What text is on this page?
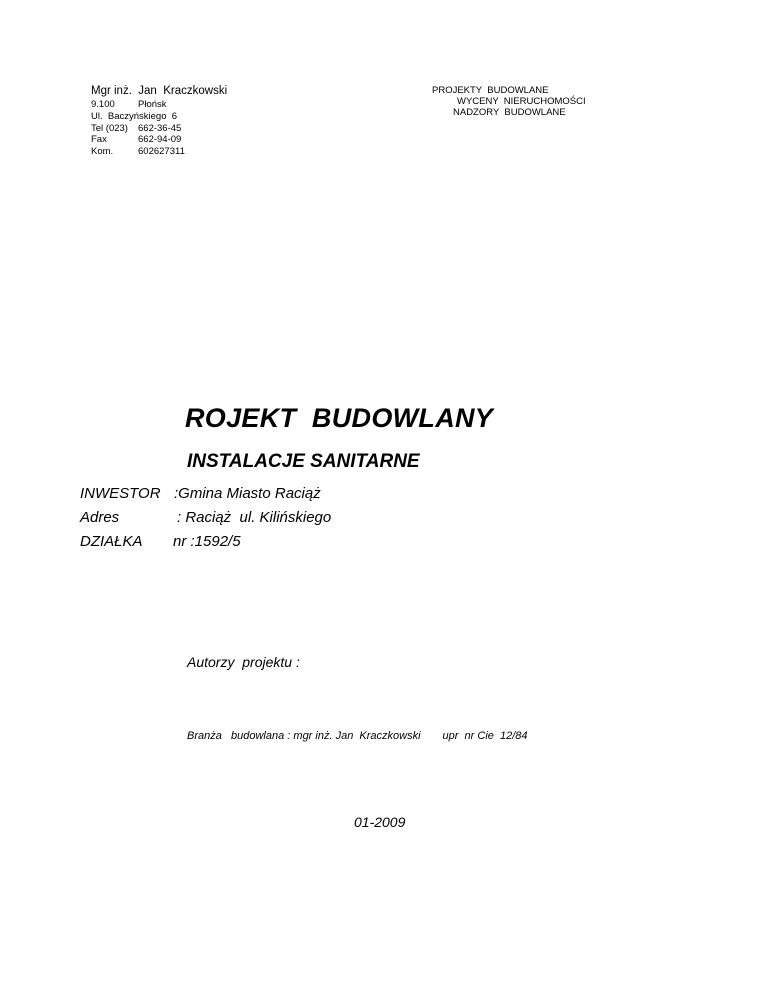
Mgr inż.  Jan  Kraczkowski
9.100 Płońsk
Ul.  Baczyńskiego  6
Tel (023) 662-36-45
Fax	662-94-09
Kom.	602627311
PROJEKTY  BUDOWLANE
WYCENY  NIERUCHOMOŚCI
NADZORY  BUDOWLANE
ROJEKT  BUDOWLANY
INSTALACJE SANITARNE
INWESTOR :Gmina Miasto Raciąż
Adres	: Raciąż  ul. Kilińskiego
DZIAŁKA nr :1592/5
Autorzy  projektu :
Branża   budowlana : mgr inż. Jan  Kraczkowski upr  nr Cie  12/84
01-2009
